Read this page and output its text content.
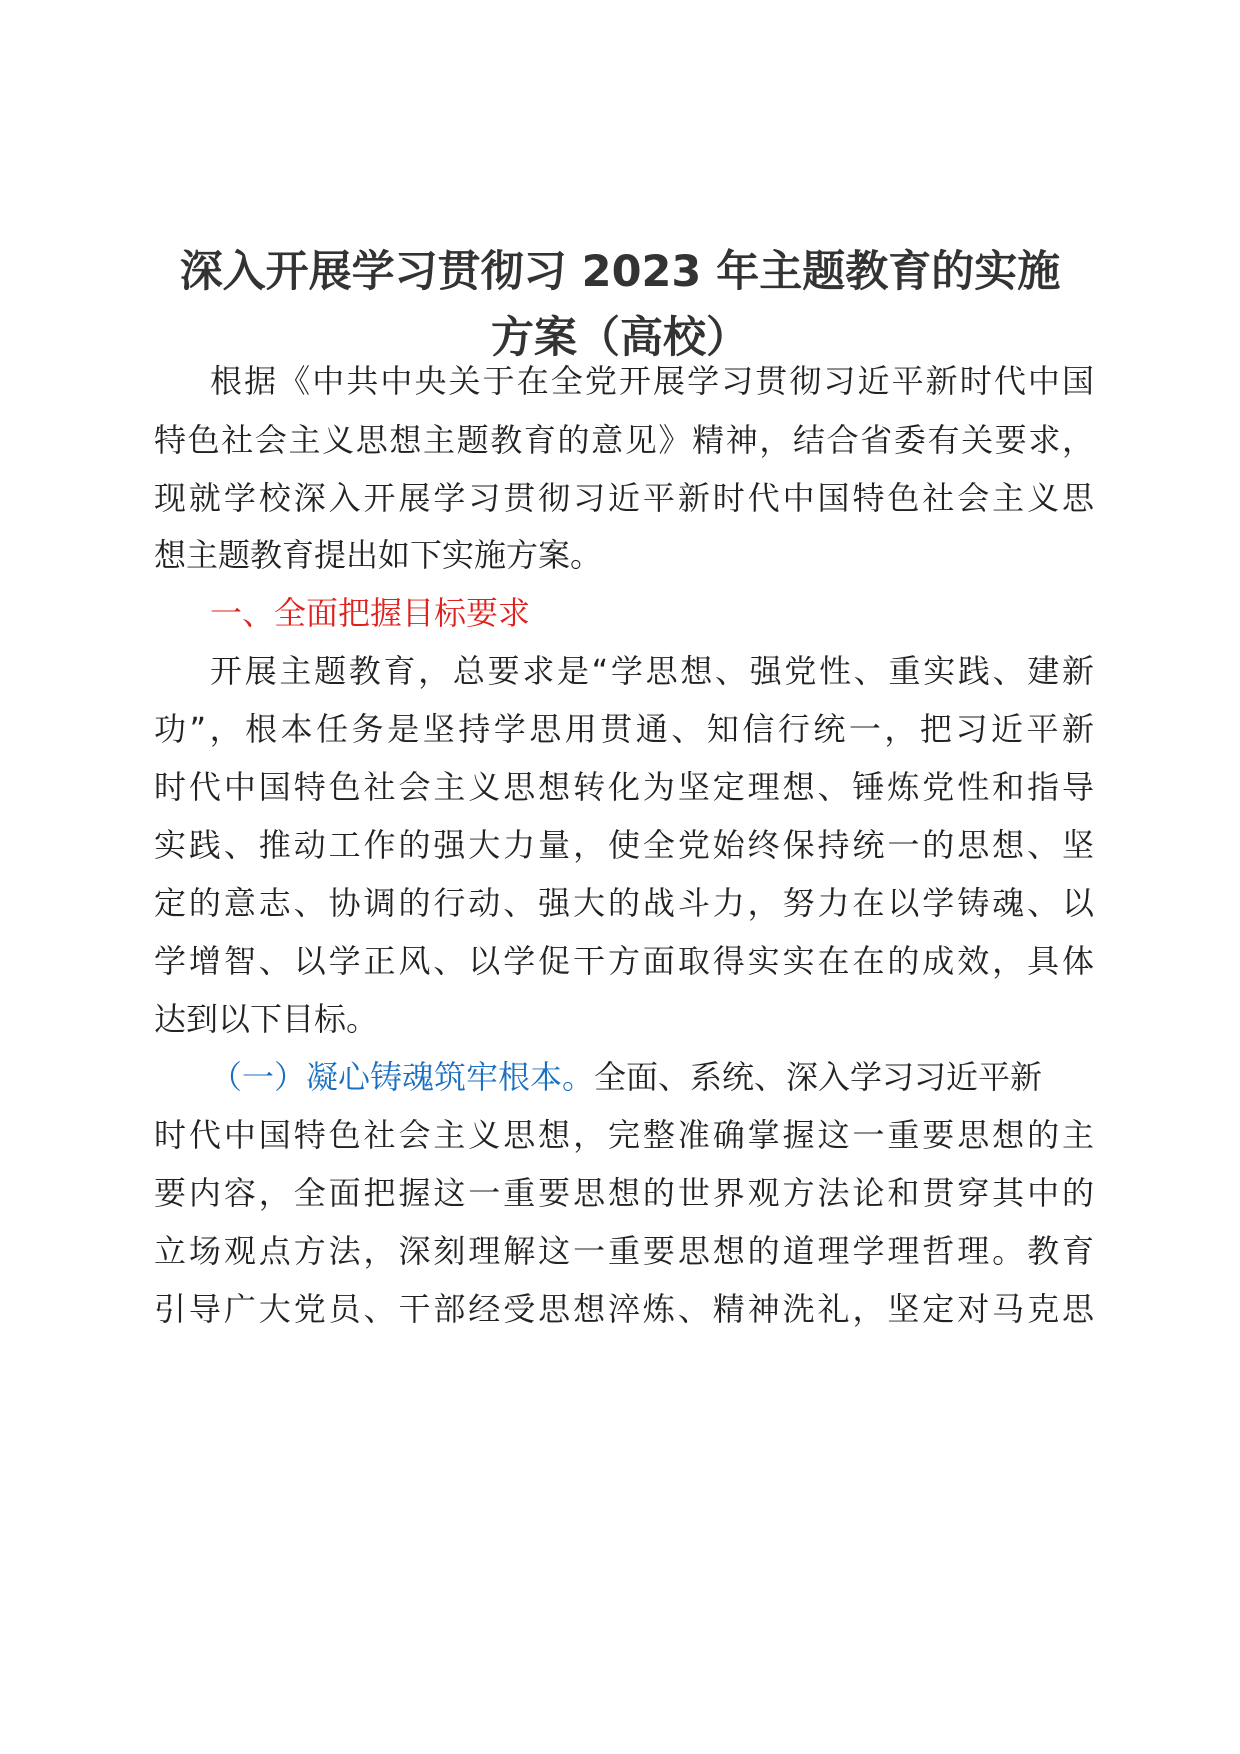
深入开展学习贯彻习 2023 年主题教育的实施
方案（高校）
根据《中共中央关于在全党开展学习贯彻习近平新时代中国
特色社会主义思想主题教育的意见》精神，结合省委有关要求，
现就学校深入开展学习贯彻习近平新时代中国特色社会主义思
想主题教育提出如下实施方案。
一、全面把握目标要求
开展主题教育，总要求是“学思想、强党性、重实践、建新
功”，根本任务是坚持学思用贯通、知信行统一，把习近平新
时代中国特色社会主义思想转化为坚定理想、锤炼党性和指导
实践、推动工作的强大力量，使全党始终保持统一的思想、坚
定的意志、协调的行动、强大的战斗力，努力在以学铸魂、以
学增智、以学正风、以学促干方面取得实实在在的成效，具体
达到以下目标。
（一）凝心铸魂筑牢根本。全面、系统、深入学习习近平新
时代中国特色社会主义思想，完整准确掌握这一重要思想的主
要内容，全面把握这一重要思想的世界观方法论和贯穿其中的
立场观点方法，深刻理解这一重要思想的道理学理哲理。教育
引导广大党员、干部经受思想淬炼、精神洗礼，坚定对马克思
